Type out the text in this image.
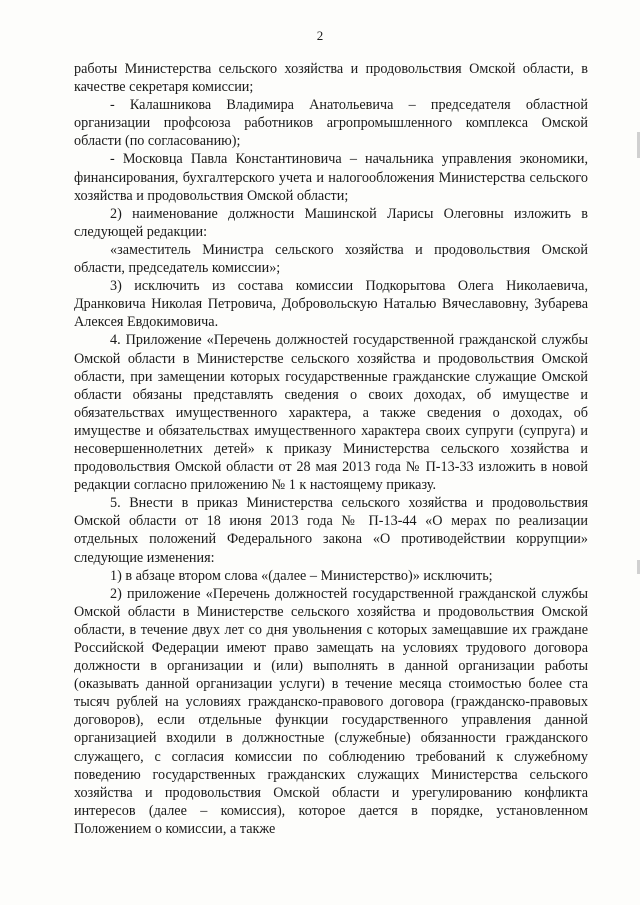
2

работы Министерства сельского хозяйства и продовольствия Омской области, в качестве секретаря комиссии;

- Калашникова Владимира Анатольевича – председателя областной организации профсоюза работников агропромышленного комплекса Омской области (по согласованию);

- Московца Павла Константиновича – начальника управления экономики, финансирования, бухгалтерского учета и налогообложения Министерства сельского хозяйства и продовольствия Омской области;

2) наименование должности Машинской Ларисы Олеговны изложить в следующей редакции:

«заместитель Министра сельского хозяйства и продовольствия Омской области, председатель комиссии»;

3) исключить из состава комиссии Подкорытова Олега Николаевича, Дранковича Николая Петровича, Добровольскую Наталью Вячеславовну, Зубарева Алексея Евдокимовича.

4. Приложение «Перечень должностей государственной гражданской службы Омской области в Министерстве сельского хозяйства и продовольствия Омской области, при замещении которых государственные гражданские служащие Омской области обязаны представлять сведения о своих доходах, об имуществе и обязательствах имущественного характера, а также сведения о доходах, об имуществе и обязательствах имущественного характера своих супруги (супруга) и несовершеннолетних детей» к приказу Министерства сельского хозяйства и продовольствия Омской области от 28 мая 2013 года № П-13-33 изложить в новой редакции согласно приложению № 1 к настоящему приказу.

5. Внести в приказ Министерства сельского хозяйства и продовольствия Омской области от 18 июня 2013 года № П-13-44 «О мерах по реализации отдельных положений Федерального закона «О противодействии коррупции» следующие изменения:

1) в абзаце втором слова «(далее – Министерство)» исключить;

2) приложение «Перечень должностей государственной гражданской службы Омской области в Министерстве сельского хозяйства и продовольствия Омской области, в течение двух лет со дня увольнения с которых замещавшие их граждане Российской Федерации имеют право замещать на условиях трудового договора должности в организации и (или) выполнять в данной организации работы (оказывать данной организации услуги) в течение месяца стоимостью более ста тысяч рублей на условиях гражданско-правового договора (гражданско-правовых договоров), если отдельные функции государственного управления данной организацией входили в должностные (служебные) обязанности гражданского служащего, с согласия комиссии по соблюдению требований к служебному поведению государственных гражданских служащих Министерства сельского хозяйства и продовольствия Омской области и урегулированию конфликта интересов (далее – комиссия), которое дается в порядке, установленном Положением о комиссии, а также
